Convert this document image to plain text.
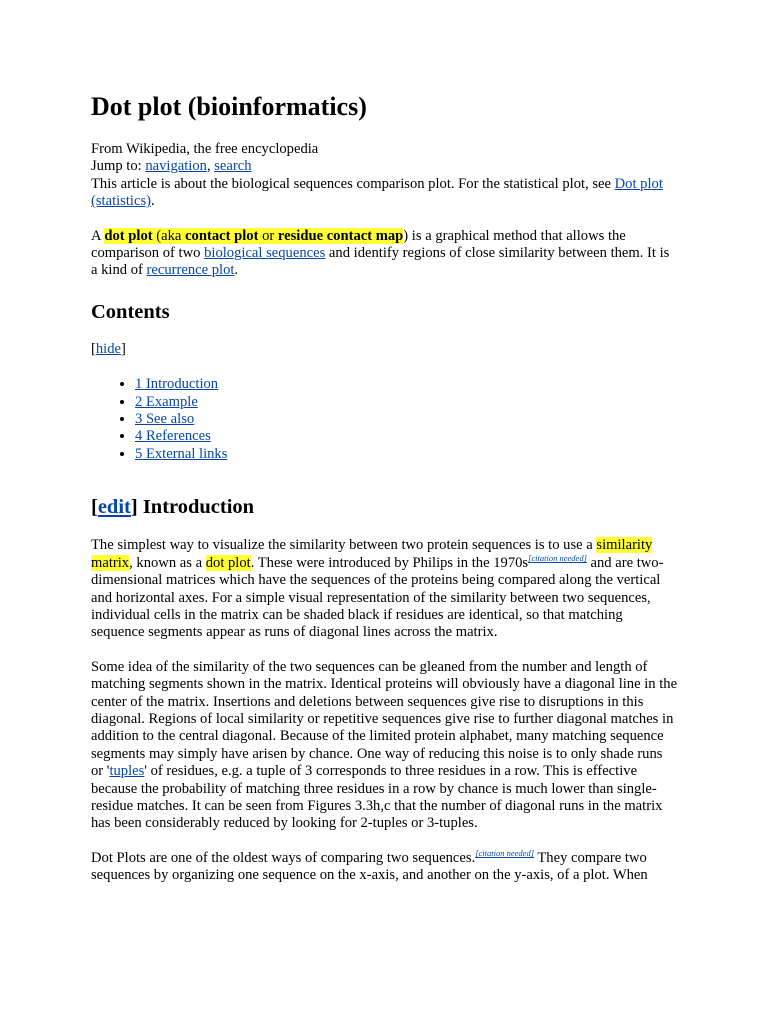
Dot plot (bioinformatics)
From Wikipedia, the free encyclopedia
Jump to: navigation, search
This article is about the biological sequences comparison plot. For the statistical plot, see Dot plot (statistics).

A dot plot (aka contact plot or residue contact map) is a graphical method that allows the comparison of two biological sequences and identify regions of close similarity between them. It is a kind of recurrence plot.

Contents
[hide]
• 1 Introduction
• 2 Example
• 3 See also
• 4 References
• 5 External links
[edit] Introduction

The simplest way to visualize the similarity between two protein sequences is to use a similarity matrix, known as a dot plot. These were introduced by Philips in the 1970s[citation needed] and are two-dimensional matrices which have the sequences of the proteins being compared along the vertical and horizontal axes. For a simple visual representation of the similarity between two sequences, individual cells in the matrix can be shaded black if residues are identical, so that matching sequence segments appear as runs of diagonal lines across the matrix.

Some idea of the similarity of the two sequences can be gleaned from the number and length of matching segments shown in the matrix. Identical proteins will obviously have a diagonal line in the center of the matrix. Insertions and deletions between sequences give rise to disruptions in this diagonal. Regions of local similarity or repetitive sequences give rise to further diagonal matches in addition to the central diagonal. Because of the limited protein alphabet, many matching sequence segments may simply have arisen by chance. One way of reducing this noise is to only shade runs or 'tuples' of residues, e.g. a tuple of 3 corresponds to three residues in a row. This is effective because the probability of matching three residues in a row by chance is much lower than single-residue matches. It can be seen from Figures 3.3h,c that the number of diagonal runs in the matrix has been considerably reduced by looking for 2-tuples or 3-tuples.

Dot Plots are one of the oldest ways of comparing two sequences.[citation needed] They compare two sequences by organizing one sequence on the x-axis, and another on the y-axis, of a plot. When
